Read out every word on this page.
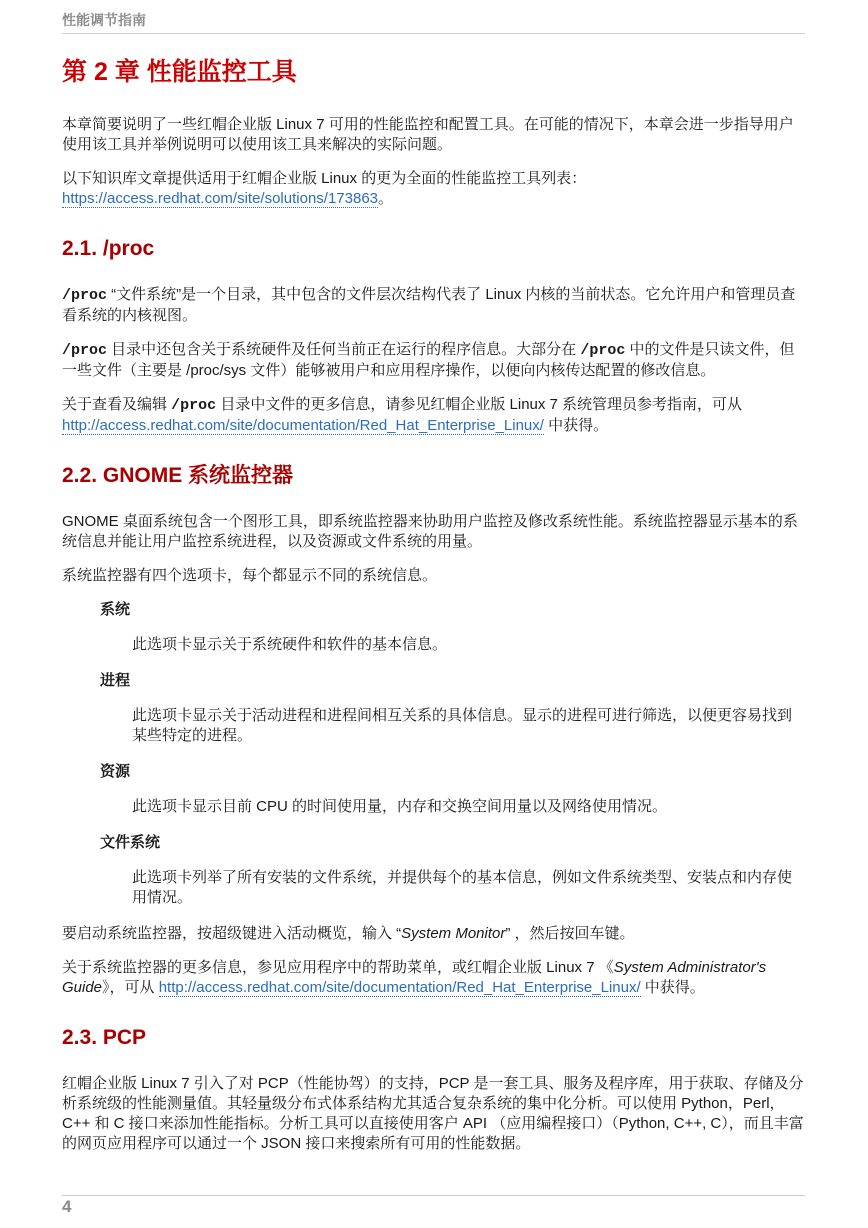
性能调节指南
第 2 章 性能监控工具

本章简要说明了一些红帽企业版 Linux 7 可用的性能监控和配置工具。在可能的情况下，本章会进一步指导用户使用该工具并举例说明可以使用该工具来解决的实际问题。

以下知识库文章提供适用于红帽企业版 Linux 的更为全面的性能监控工具列表：https://access.redhat.com/site/solutions/173863。

2.1. /proc

/proc “文件系统”是一个目录，其中包含的文件层次结构代表了 Linux 内核的当前状态。它允许用户和管理员查看系统的内核视图。

/proc 目录中还包含关于系统硬件及任何当前正在运行的程序信息。大部分在 /proc 中的文件是只读文件，但一些文件（主要是 /proc/sys 文件）能够被用户和应用程序操作，以便向内核传达配置的修改信息。

关于查看及编辑 /proc 目录中文件的更多信息，请参见红帽企业版 Linux 7 系统管理员参考指南，可从 http://access.redhat.com/site/documentation/Red_Hat_Enterprise_Linux/ 中获得。

2.2. GNOME 系统监控器

GNOME 桌面系统包含一个图形工具，即系统监控器来协助用户监控及修改系统性能。系统监控器显示基本的系统信息并能让用户监控系统进程，以及资源或文件系统的用量。

系统监控器有四个选项卡，每个都显示不同的系统信息。

系统
此选项卡显示关于系统硬件和软件的基本信息。
进程
此选项卡显示关于活动进程和进程间相互关系的具体信息。显示的进程可进行筛选，以便更容易找到某些特定的进程。
资源
此选项卡显示目前 CPU 的时间使用量，内存和交换空间用量以及网络使用情况。
文件系统
此选项卡列举了所有安装的文件系统，并提供每个的基本信息，例如文件系统类型、安装点和内存使用情况。

要启动系统监控器，按超级键进入活动概览，输入 “System Monitor” ，然后按回车键。

关于系统监控器的更多信息，参见应用程序中的帮助菜单，或红帽企业版 Linux 7 《System Administrator's Guide》，可从 http://access.redhat.com/site/documentation/Red_Hat_Enterprise_Linux/ 中获得。

2.3. PCP

红帽企业版 Linux 7 引入了对 PCP（性能协驾）的支持，PCP 是一套工具、服务及程序库，用于获取、存储及分析系统级的性能测量值。其轻量级分布式体系结构尤其适合复杂系统的集中化分析。可以使用 Python，Perl，C++ 和 C 接口来添加性能指标。分析工具可以直接使用客户 API （应用编程接口）（Python, C++, C），而且丰富的网页应用程序可以通过一个 JSON 接口来搜索所有可用的性能数据。

4
